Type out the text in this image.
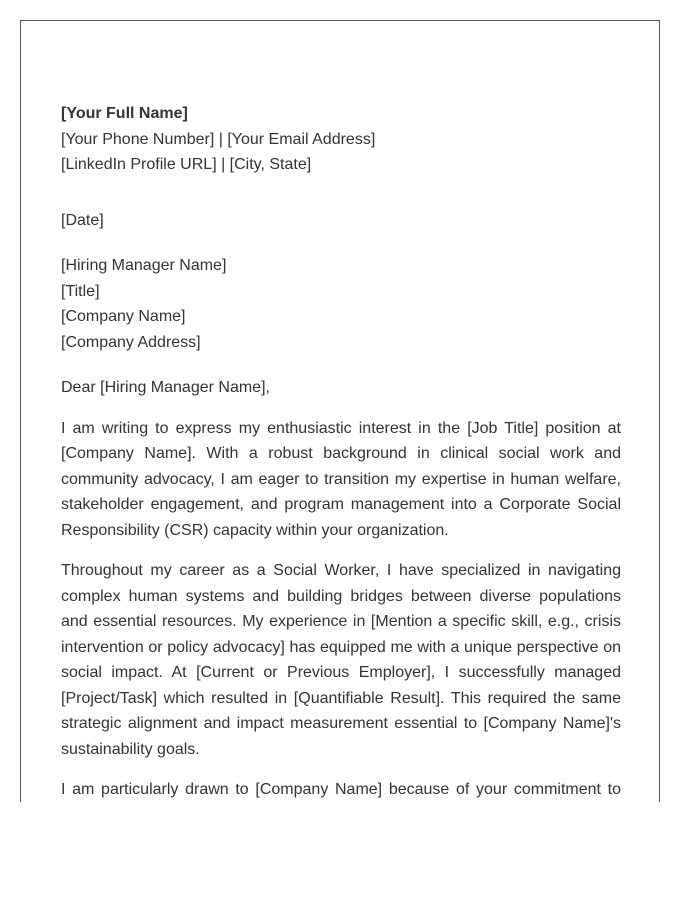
[Your Full Name]
[Your Phone Number] | [Your Email Address]
[LinkedIn Profile URL] | [City, State]
[Date]
[Hiring Manager Name]
[Title]
[Company Name]
[Company Address]
Dear [Hiring Manager Name],

I am writing to express my enthusiastic interest in the [Job Title] position at [Company Name]. With a robust background in clinical social work and community advocacy, I am eager to transition my expertise in human welfare, stakeholder engagement, and program management into a Corporate Social Responsibility (CSR) capacity within your organization.

Throughout my career as a Social Worker, I have specialized in navigating complex human systems and building bridges between diverse populations and essential resources. My experience in [Mention a specific skill, e.g., crisis intervention or policy advocacy] has equipped me with a unique perspective on social impact. At [Current or Previous Employer], I successfully managed [Project/Task] which resulted in [Quantifiable Result]. This required the same strategic alignment and impact measurement essential to [Company Name]'s sustainability goals.

I am particularly drawn to [Company Name] because of your commitment to
